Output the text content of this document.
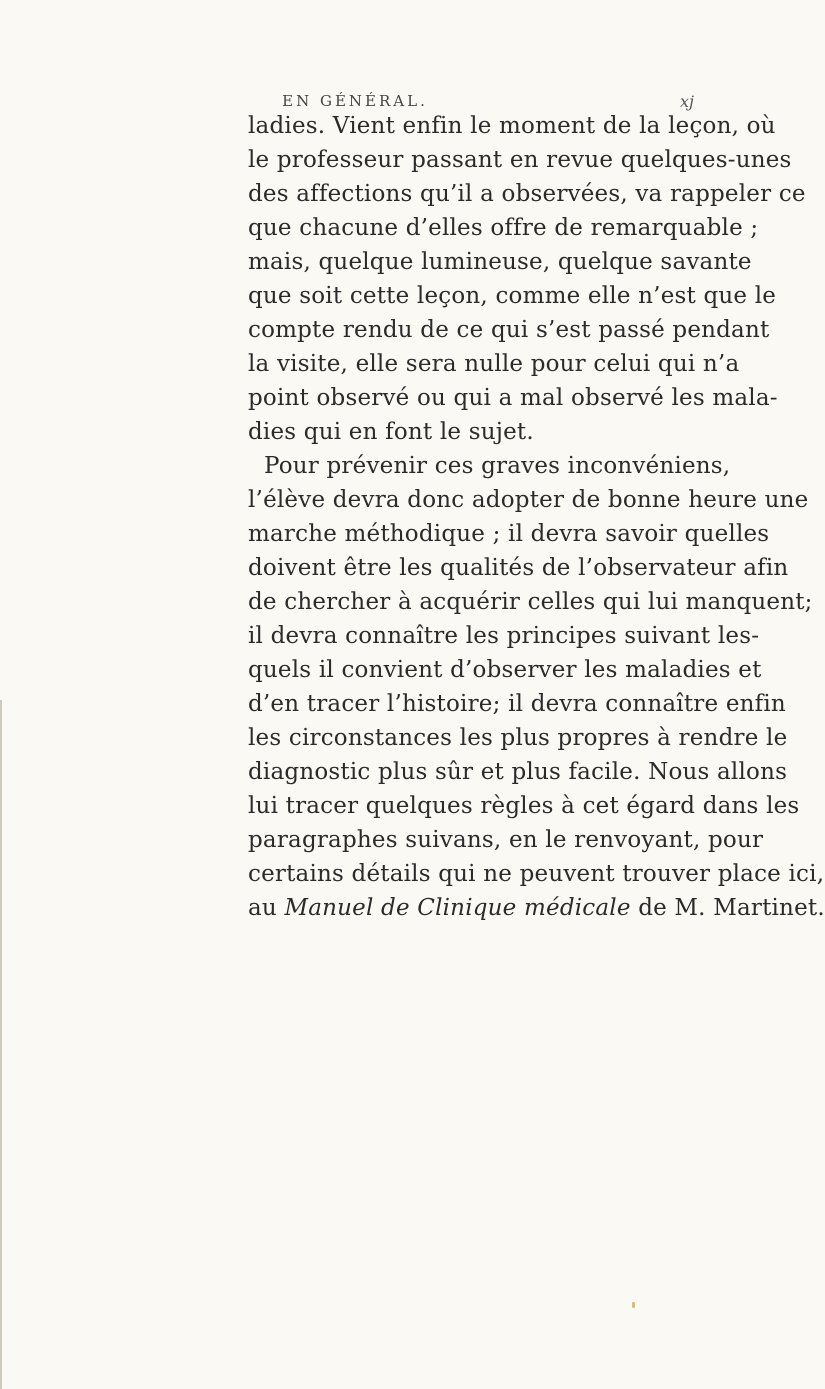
EN GÉNÉRAL.	xj
ladies. Vient enfin le moment de la leçon, où
le professeur passant en revue quelques-unes
des affections qu’il a observées, va rappeler ce
que chacune d’elles offre de remarquable ;
mais, quelque lumineuse, quelque savante
que soit cette leçon, comme elle n’est que le
compte rendu de ce qui s’est passé pendant
la visite, elle sera nulle pour celui qui n’a
point observé ou qui a mal observé les mala-
dies qui en font le sujet.
Pour prévenir ces graves inconvéniens,
l’élève devra donc adopter de bonne heure une
marche méthodique ; il devra savoir quelles
doivent être les qualités de l’observateur afin
de chercher à acquérir celles qui lui manquent;
il devra connaître les principes suivant les-
quels il convient d’observer les maladies et
d’en tracer l’histoire; il devra connaître enfin
les circonstances les plus propres à rendre le
diagnostic plus sûr et plus facile. Nous allons
lui tracer quelques règles à cet égard dans les
paragraphes suivans, en le renvoyant, pour
certains détails qui ne peuvent trouver place ici,
au Manuel de Clinique médicale de M. Martinet.
